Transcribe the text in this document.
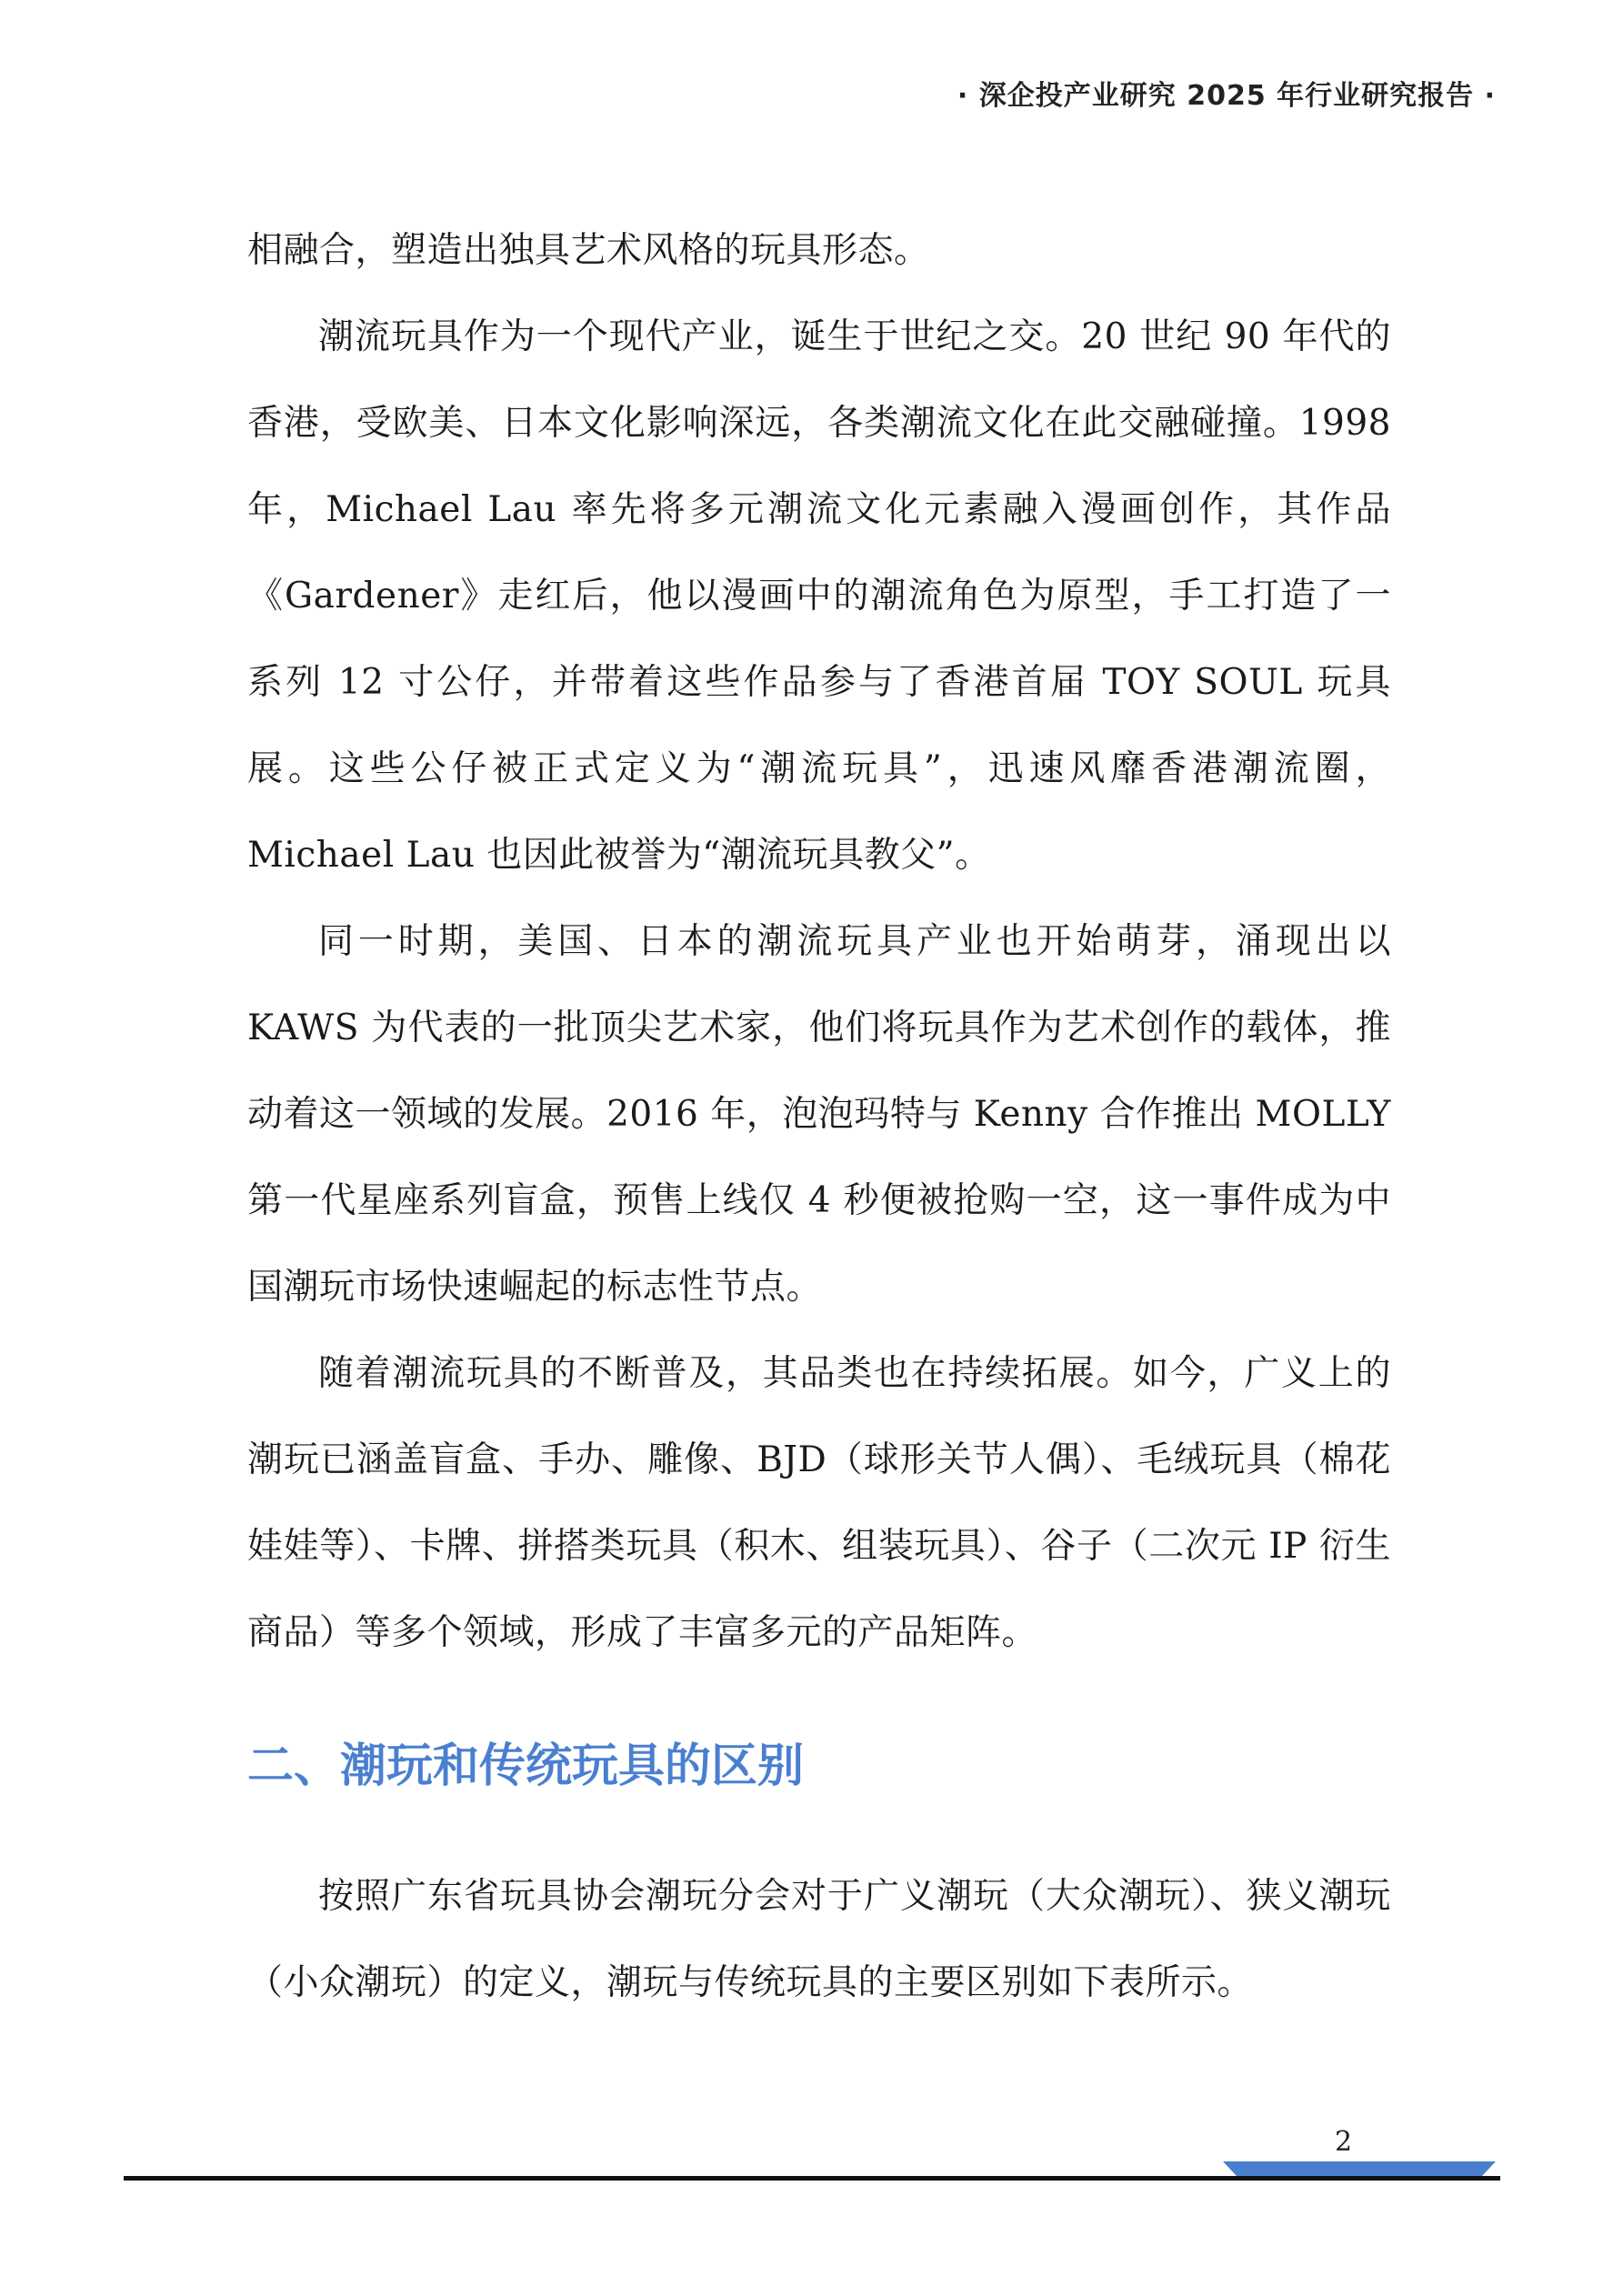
· 深企投产业研究 2025 年行业研究报告 ·

相融合，塑造出独具艺术风格的玩具形态。

潮流玩具作为一个现代产业，诞生于世纪之交。20 世纪 90 年代的香港，受欧美、日本文化影响深远，各类潮流文化在此交融碰撞。1998 年，Michael Lau 率先将多元潮流文化元素融入漫画创作，其作品《Gardener》走红后，他以漫画中的潮流角色为原型，手工打造了一系列 12 寸公仔，并带着这些作品参与了香港首届 TOY SOUL 玩具展。这些公仔被正式定义为“潮流玩具”，迅速风靡香港潮流圈，Michael Lau 也因此被誉为“潮流玩具教父”。

同一时期，美国、日本的潮流玩具产业也开始萌芽，涌现出以 KAWS 为代表的一批顶尖艺术家，他们将玩具作为艺术创作的载体，推动着这一领域的发展。2016 年，泡泡玛特与 Kenny 合作推出 MOLLY 第一代星座系列盲盒，预售上线仅 4 秒便被抢购一空，这一事件成为中国潮玩市场快速崛起的标志性节点。

随着潮流玩具的不断普及，其品类也在持续拓展。如今，广义上的潮玩已涵盖盲盒、手办、雕像、BJD（球形关节人偶）、毛绒玩具（棉花娃娃等）、卡牌、拼搭类玩具（积木、组装玩具）、谷子（二次元 IP 衍生商品）等多个领域，形成了丰富多元的产品矩阵。

二、潮玩和传统玩具的区别

按照广东省玩具协会潮玩分会对于广义潮玩（大众潮玩）、狭义潮玩（小众潮玩）的定义，潮玩与传统玩具的主要区别如下表所示。

2
